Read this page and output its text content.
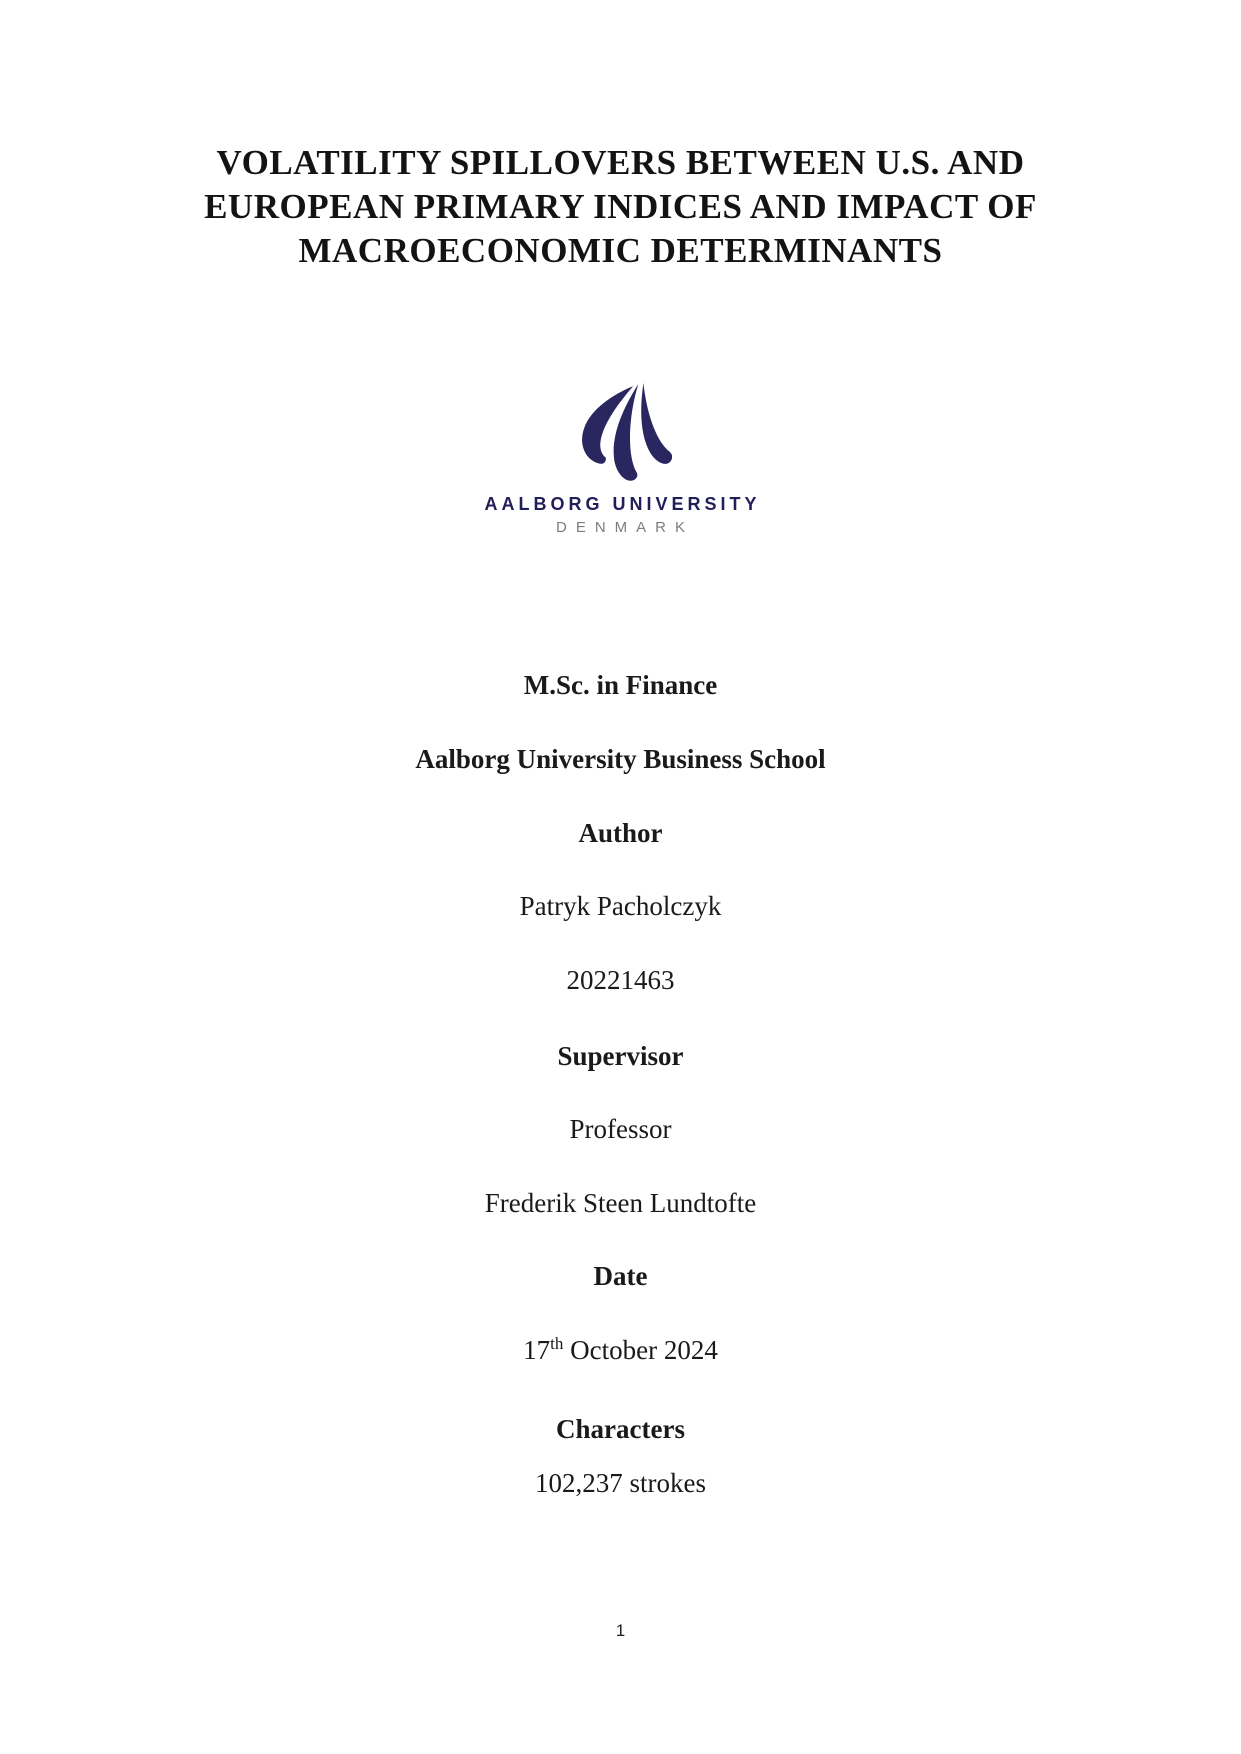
VOLATILITY SPILLOVERS BETWEEN U.S. AND
EUROPEAN PRIMARY INDICES AND IMPACT OF
MACROECONOMIC DETERMINANTS
AALBORG UNIVERSITY
DENMARK

M.Sc. in Finance

Aalborg University Business School

Author

Patryk Pacholczyk

20221463

Supervisor

Professor

Frederik Steen Lundtofte

Date

17th October 2024

Characters

102,237 strokes

1
